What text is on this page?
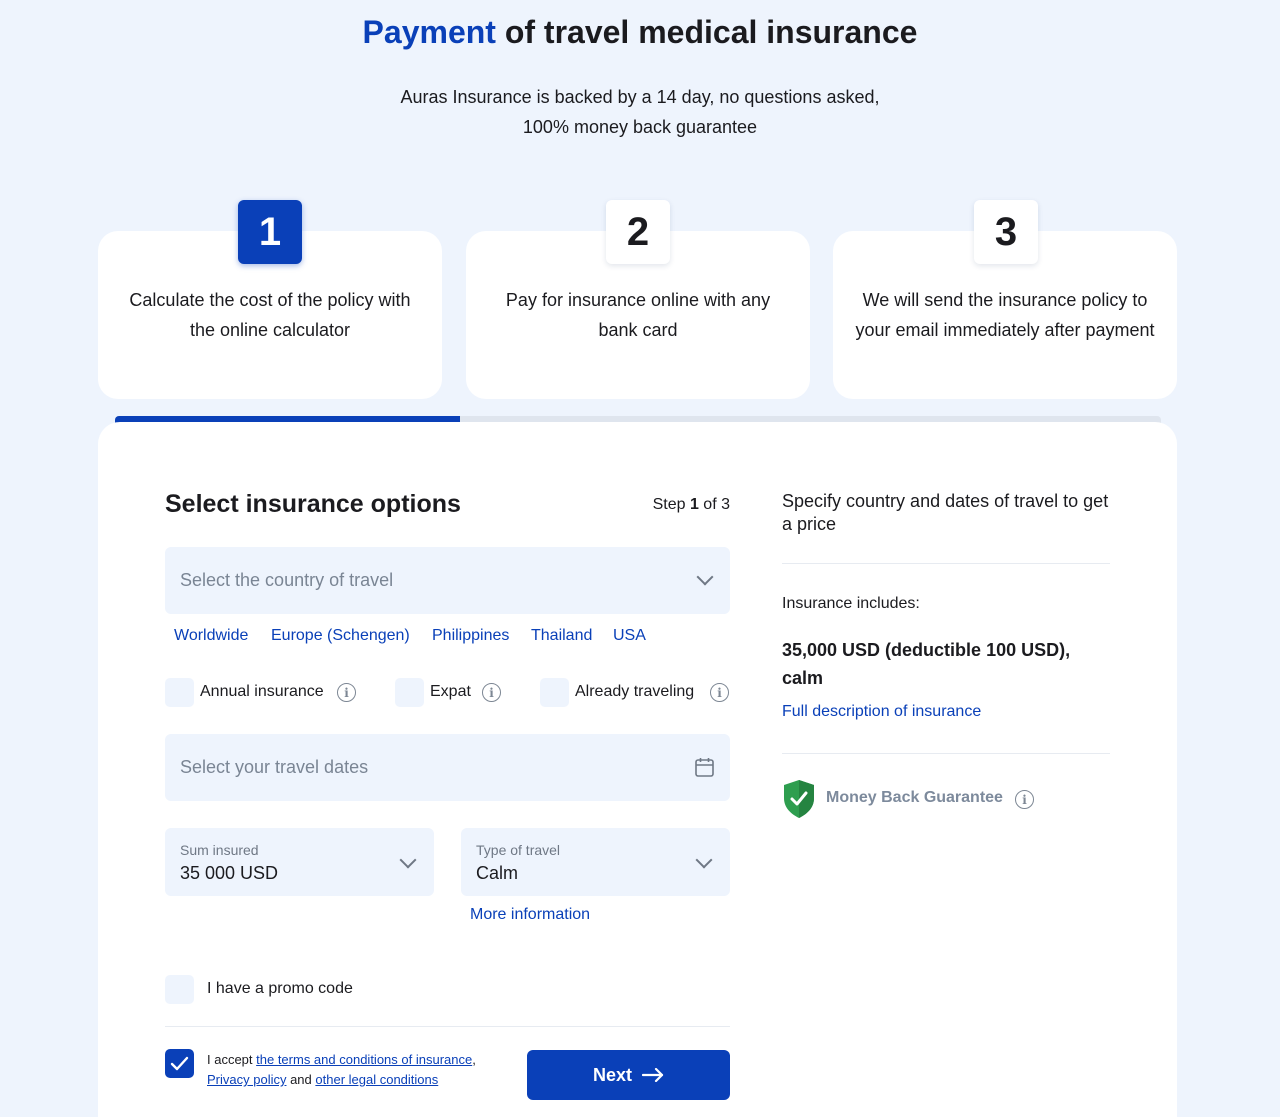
Payment of travel medical insurance

Auras Insurance is backed by a 14 day, no questions asked, 100% money back guarantee

Calculate the cost of the policy with the online calculator
Pay for insurance online with any bank card
We will send the insurance policy to your email immediately after payment
1	2	3
Select insurance options	Step 1 of 3
Select the country of travel
Worldwide Europe (Schengen) Philippines Thailand USA
Annual insurance	i	Expat	i	Already traveling	i
Select your travel dates
Sum insured
35 000 USD
Type of travel
Calm
More information
I have a promo code
I accept the terms and conditions of insurance,
Privacy policy and other legal conditions	Next
Specify country and dates of travel to get a price
Insurance includes:
35,000 USD (deductible 100 USD), calm
Full description of insurance
Money Back Guarantee	i
